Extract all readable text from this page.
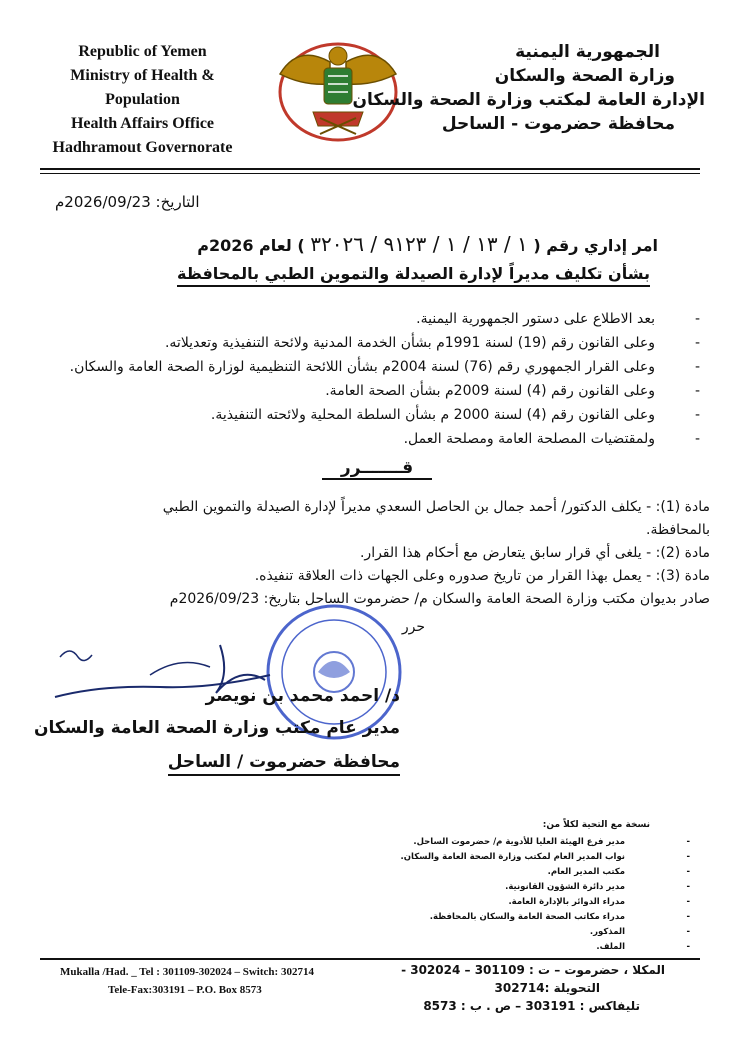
Republic of Yemen
Ministry of Health &
Population
Health Affairs Office
Hadhramout Governorate
الجمهورية اليمنية
وزارة الصحة والسكان
الإدارة العامة لمكتب وزارة الصحة والسكان
محافظة حضرموت - الساحل
التاريخ: 2026/09/23م
امر إداري رقم ( ١ / ١٣ / ١ / ٩١٢٣ / ٣٢٠٢٦ ) لعام 2026م
بشأن تكليف مديراً لإدارة الصيدلة والتموين الطبي بالمحافظة
-
بعد الاطلاع على دستور الجمهورية اليمنية.
-
وعلى القانون رقم (19) لسنة 1991م بشأن الخدمة المدنية ولائحة التنفيذية وتعديلاته.
-
وعلى القرار الجمهوري رقم (76) لسنة 2004م بشأن اللائحة التنظيمية لوزارة الصحة العامة والسكان.
-
وعلى القانون رقم (4) لسنة 2009م بشأن الصحة العامة.
-
وعلى القانون رقم (4) لسنة 2000 م بشأن السلطة المحلية ولائحته التنفيذية.
-
ولمقتضيات المصلحة العامة ومصلحة العمل.
قـــــــرر
مادة (1): - يكلف الدكتور/ أحمد جمال بن الحاصل السعدي مديراً لإدارة الصيدلة والتموين الطبي
بالمحافظة.
مادة (2): - يلغى أي قرار سابق يتعارض مع أحكام هذا القرار.
مادة (3): - يعمل بهذا القرار من تاريخ صدوره وعلى الجهات ذات العلاقة تنفيذه.
صادر بديوان مكتب وزارة الصحة العامة والسكان م/ حضرموت الساحل بتاريخ: 2026/09/23م
حرر
د/ احمد محمد بن نويصر
مدير عام مكتب وزارة الصحة العامة والسكان
محافظة حضرموت / الساحل
نسخة مع التحية لكلاً من:
-
مدير فرع الهيئة العليا للأدوية م/ حضرموت الساحل.
-
نواب المدير العام لمكتب وزارة الصحة العامة والسكان.
-
مكتب المدير العام.
-
مدير دائرة الشؤون القانونية.
-
مدراء الدوائر بالإدارة العامة.
-
مدراء مكاتب الصحة العامة والسكان بالمحافظة.
-
المذكور.
-
الملف.
Mukalla /Had. _ Tel : 301109-302024 – Switch: 302714
Tele-Fax:303191 – P.O. Box 8573
المكلا ، حضرموت – ت : 301109 – 302024 -
التحويلة :302714
تليفاكس : 303191 – ص . ب : 8573
